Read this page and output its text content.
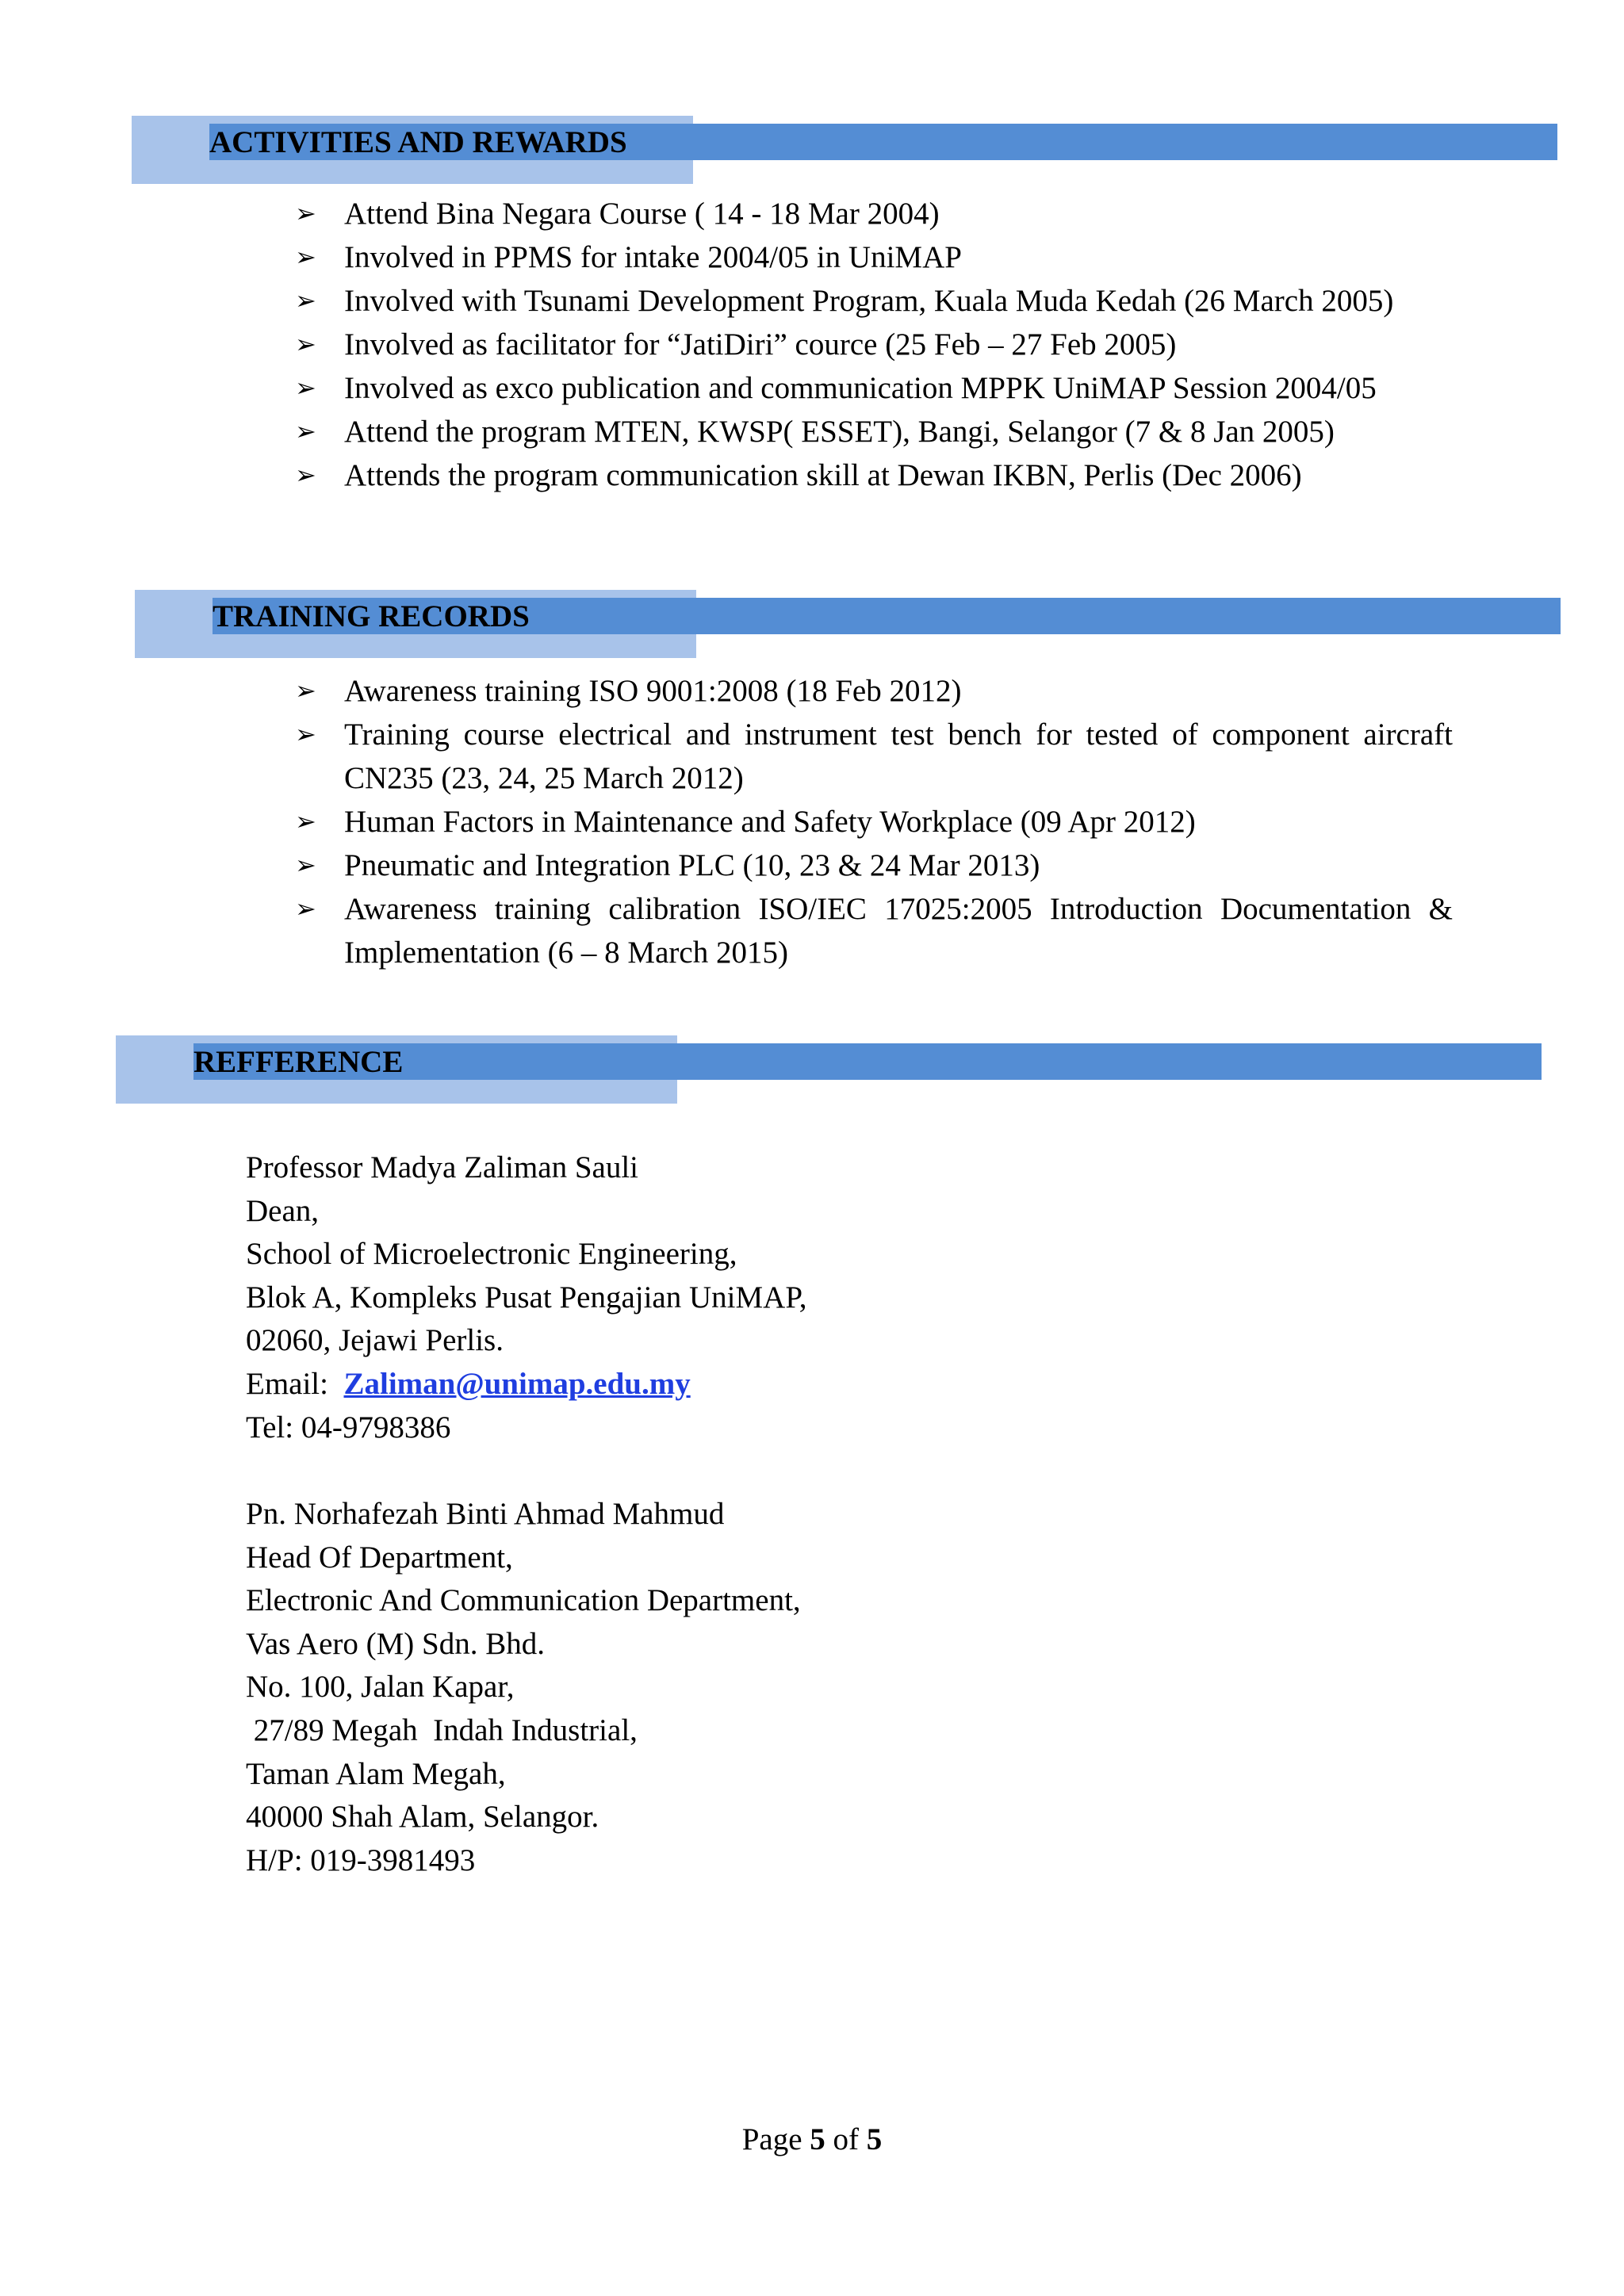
ACTIVITIES AND REWARDS
➢ Attend Bina Negara Course ( 14 - 18 Mar 2004)
➢ Involved in PPMS for intake 2004/05 in UniMAP
➢ Involved with Tsunami Development Program, Kuala Muda Kedah (26 March 2005)
➢ Involved as facilitator for “JatiDiri” cource (25 Feb – 27 Feb 2005)
➢ Involved as exco publication and communication MPPK UniMAP Session 2004/05
➢ Attend the program MTEN, KWSP( ESSET), Bangi, Selangor (7 & 8 Jan 2005)
➢ Attends the program communication skill at Dewan IKBN, Perlis (Dec 2006)
TRAINING RECORDS
➢ Awareness training ISO 9001:2008 (18 Feb 2012)
➢ Training course electrical and instrument test bench for tested of component aircraft CN235 (23, 24, 25 March 2012)
➢ Human Factors in Maintenance and Safety Workplace (09 Apr 2012)
➢ Pneumatic and Integration PLC (10, 23 & 24 Mar 2013)
➢ Awareness training calibration ISO/IEC 17025:2005 Introduction Documentation & Implementation (6 – 8 March 2015)
REFFERENCE
Professor Madya Zaliman Sauli
Dean,
School of Microelectronic Engineering,
Blok A, Kompleks Pusat Pengajian UniMAP,
02060, Jejawi Perlis.
Email:  Zaliman@unimap.edu.my
Tel: 04-9798386
Pn. Norhafezah Binti Ahmad Mahmud
Head Of Department,
Electronic And Communication Department,
Vas Aero (M) Sdn. Bhd.
No. 100, Jalan Kapar,
27/89 Megah  Indah Industrial,
Taman Alam Megah,
40000 Shah Alam, Selangor.
H/P: 019-3981493
Page 5 of 5
